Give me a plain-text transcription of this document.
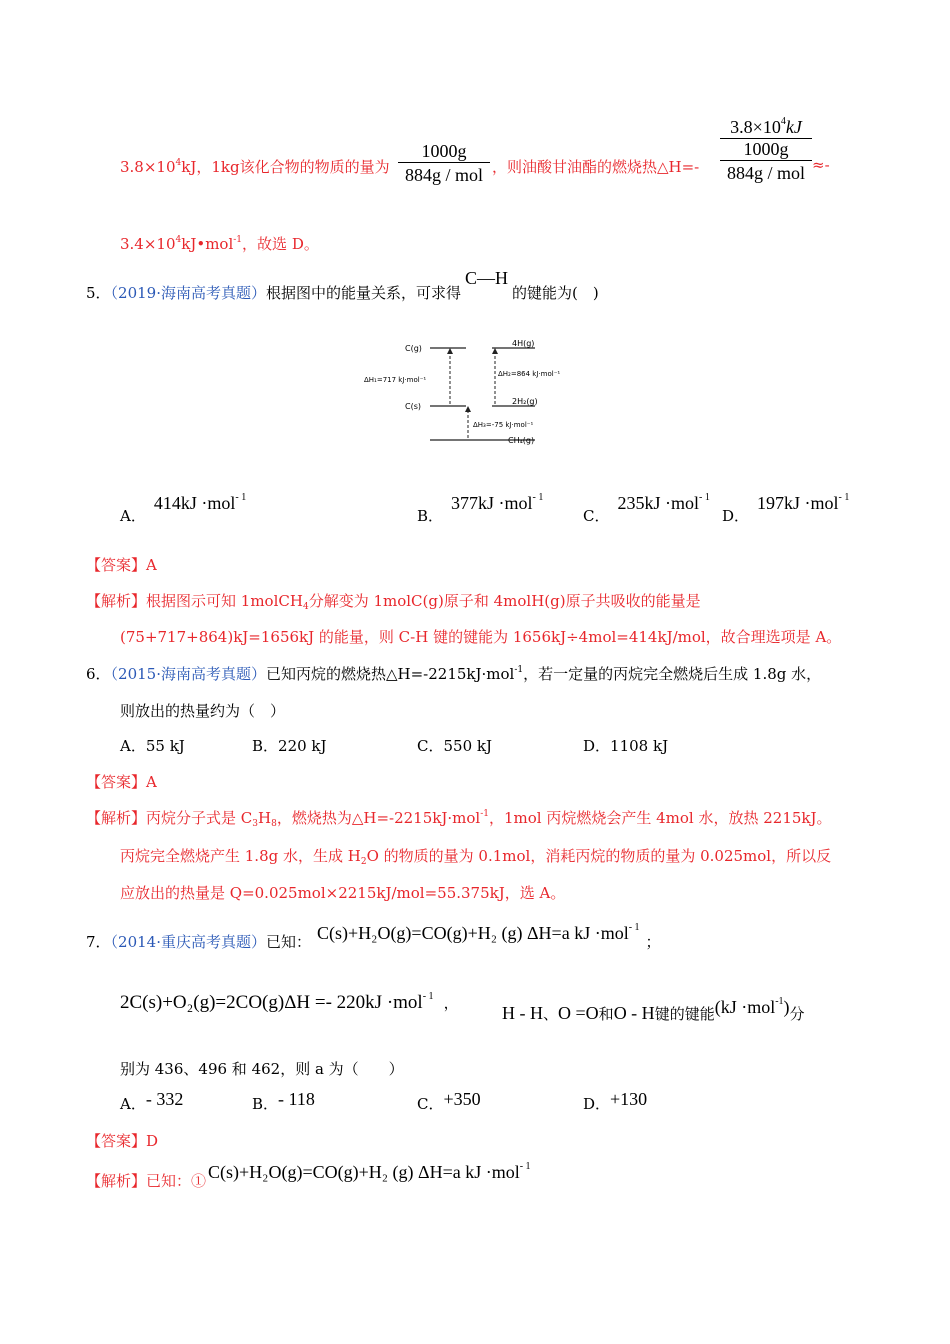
$3.8\times 10^4kJ$，1kg该化合物的物质的量为
1000g
884g / mol ，则油酸甘油酯的燃烧热△H=-
$3.8\times 10^4kJ$
1000g
884g / mol ≈-
$3.4\times 10^4kJ•mol^{-1}$，故选 D。
5．（2019·海南高考真题）根据图中的能量关系，可求得C—H的键能为(　)
C(g)
4H(g)
ΔH₁=717 kJ·mol⁻¹
ΔH₂=864 kJ·mol⁻¹
C(s)
2H₂(g)
ΔH₃=-75 kJ·mol⁻¹
CH₄(g)
A．414kJ ·mol$^{- 1}$
B．377kJ ·mol$^{- 1}$
C．235kJ ·mol$^{- 1}$
D．197kJ ·mol$^{- 1}$
【答案】A
【解析】根据图示可知 1molCH$_4$分解变为 1molC(g)原子和 4molH(g)原子共吸收的能量是
(75+717+864)kJ=1656kJ 的能量，则 C-H 键的键能为 1656kJ÷4mol=414kJ/mol，故合理选项是 A。
6．（2015·海南高考真题）已知丙烷的燃烧热△H=-2215kJ·mol$^{-1}$，若一定量的丙烷完全燃烧后生成 1.8g 水，
则放出的热量约为（　）
A．55 kJ	B．220 kJ	C．550 kJ	D．1108 kJ
【答案】A
【解析】丙烷分子式是 $C_3H_8$，燃烧热为△H=-2215kJ·mol$^{-1}$，1mol 丙烷燃烧会产生 4mol 水，放热 2215kJ。
丙烷完全燃烧产生 1.8g 水，生成 $H_2O$ 的物质的量为 0.1mol，消耗丙烷的物质的量为 0.025mol，所以反
应放出的热量是 Q=0.025mol×2215kJ/mol=55.375kJ，选 A。
7．（2014·重庆高考真题）已知： C(s)+H₂O(g)=CO(g)+H₂ (g) ΔH=a kJ ·mol$^{- 1}$；
2C(s)+O₂(g)=2CO(g)ΔH =- 220kJ ·mol$^{- 1}$ ， H - H、O =O和O - H键的键能(kJ ·mol$^{-1}$)分
别为 436、496 和 462，则 a 为（　　）
A．- 332	B．- 118	C．+350	D．+130
【答案】D
【解析】已知：① C(s)+H₂O(g)=CO(g)+H₂ (g) ΔH=a kJ ·mol$^{- 1}$
